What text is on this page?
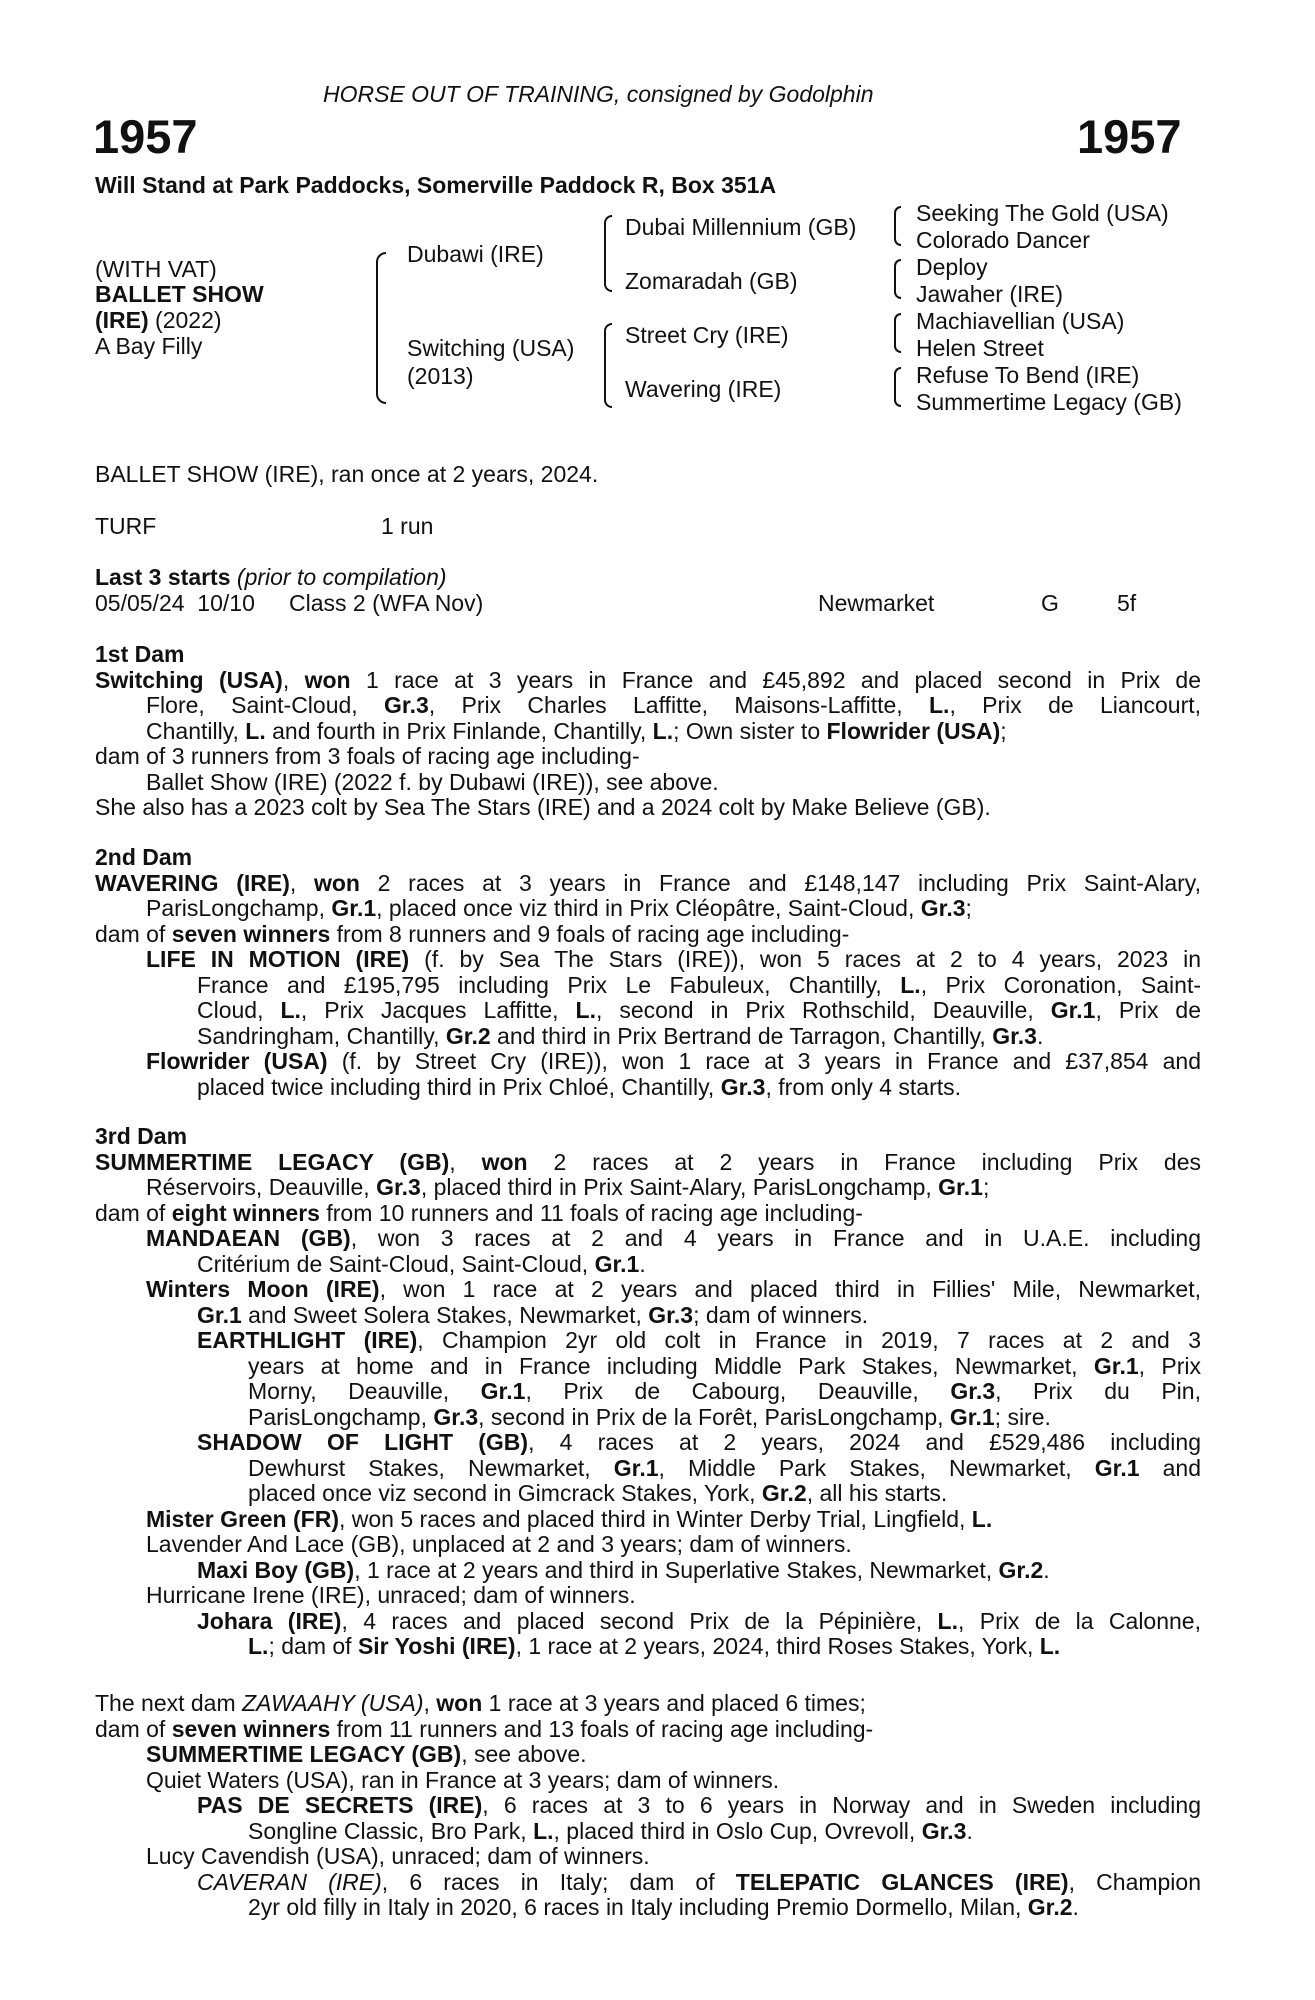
HORSE OUT OF TRAINING, consigned by Godolphin
1957	1957
Will Stand at Park Paddocks, Somerville Paddock R, Box 351A
(WITH VAT)
BALLET SHOW
(IRE) (2022)
A Bay Filly
Dubawi (IRE)
Switching (USA)
(2013)
Dubai Millennium (GB)
Zomaradah (GB)
Street Cry (IRE)
Wavering (IRE)
Seeking The Gold (USA)
Colorado Dancer
Deploy
Jawaher (IRE)
Machiavellian (USA)
Helen Street
Refuse To Bend (IRE)
Summertime Legacy (GB)
BALLET SHOW (IRE), ran once at 2 years, 2024.
TURF	1 run
Last 3 starts (prior to compilation)
05/05/24  10/10 Class 2 (WFA Nov)	Newmarket	G	5f
1st Dam
Switching (USA), won 1 race at 3 years in France and £45,892 and placed second in Prix de
Flore, Saint-Cloud, Gr.3, Prix Charles Laffitte, Maisons-Laffitte, L., Prix de Liancourt,
Chantilly, L. and fourth in Prix Finlande, Chantilly, L.; Own sister to Flowrider (USA);
dam of 3 runners from 3 foals of racing age including-
Ballet Show (IRE) (2022 f. by Dubawi (IRE)), see above.
She also has a 2023 colt by Sea The Stars (IRE) and a 2024 colt by Make Believe (GB).
2nd Dam
WAVERING (IRE), won 2 races at 3 years in France and £148,147 including Prix Saint-Alary,
ParisLongchamp, Gr.1, placed once viz third in Prix Cléopâtre, Saint-Cloud, Gr.3;
dam of seven winners from 8 runners and 9 foals of racing age including-
LIFE IN MOTION (IRE) (f. by Sea The Stars (IRE)), won 5 races at 2 to 4 years, 2023 in
France and £195,795 including Prix Le Fabuleux, Chantilly, L., Prix Coronation, Saint-
Cloud, L., Prix Jacques Laffitte, L., second in Prix Rothschild, Deauville, Gr.1, Prix de
Sandringham, Chantilly, Gr.2 and third in Prix Bertrand de Tarragon, Chantilly, Gr.3.
Flowrider (USA) (f. by Street Cry (IRE)), won 1 race at 3 years in France and £37,854 and
placed twice including third in Prix Chloé, Chantilly, Gr.3, from only 4 starts.
3rd Dam
SUMMERTIME LEGACY (GB), won 2 races at 2 years in France including Prix des
Réservoirs, Deauville, Gr.3, placed third in Prix Saint-Alary, ParisLongchamp, Gr.1;
dam of eight winners from 10 runners and 11 foals of racing age including-
MANDAEAN (GB), won 3 races at 2 and 4 years in France and in U.A.E. including
Critérium de Saint-Cloud, Saint-Cloud, Gr.1.
Winters Moon (IRE), won 1 race at 2 years and placed third in Fillies' Mile, Newmarket,
Gr.1 and Sweet Solera Stakes, Newmarket, Gr.3; dam of winners.
EARTHLIGHT (IRE), Champion 2yr old colt in France in 2019, 7 races at 2 and 3
years at home and in France including Middle Park Stakes, Newmarket, Gr.1, Prix
Morny, Deauville, Gr.1, Prix de Cabourg, Deauville, Gr.3, Prix du Pin,
ParisLongchamp, Gr.3, second in Prix de la Forêt, ParisLongchamp, Gr.1; sire.
SHADOW OF LIGHT (GB), 4 races at 2 years, 2024 and £529,486 including
Dewhurst Stakes, Newmarket, Gr.1, Middle Park Stakes, Newmarket, Gr.1 and
placed once viz second in Gimcrack Stakes, York, Gr.2, all his starts.
Mister Green (FR), won 5 races and placed third in Winter Derby Trial, Lingfield, L.
Lavender And Lace (GB), unplaced at 2 and 3 years; dam of winners.
Maxi Boy (GB), 1 race at 2 years and third in Superlative Stakes, Newmarket, Gr.2.
Hurricane Irene (IRE), unraced; dam of winners.
Johara (IRE), 4 races and placed second Prix de la Pépinière, L., Prix de la Calonne,
L.; dam of Sir Yoshi (IRE), 1 race at 2 years, 2024, third Roses Stakes, York, L.
The next dam ZAWAAHY (USA), won 1 race at 3 years and placed 6 times;
dam of seven winners from 11 runners and 13 foals of racing age including-
SUMMERTIME LEGACY (GB), see above.
Quiet Waters (USA), ran in France at 3 years; dam of winners.
PAS DE SECRETS (IRE), 6 races at 3 to 6 years in Norway and in Sweden including
Songline Classic, Bro Park, L., placed third in Oslo Cup, Ovrevoll, Gr.3.
Lucy Cavendish (USA), unraced; dam of winners.
CAVERAN (IRE), 6 races in Italy; dam of TELEPATIC GLANCES (IRE), Champion
2yr old filly in Italy in 2020, 6 races in Italy including Premio Dormello, Milan, Gr.2.
